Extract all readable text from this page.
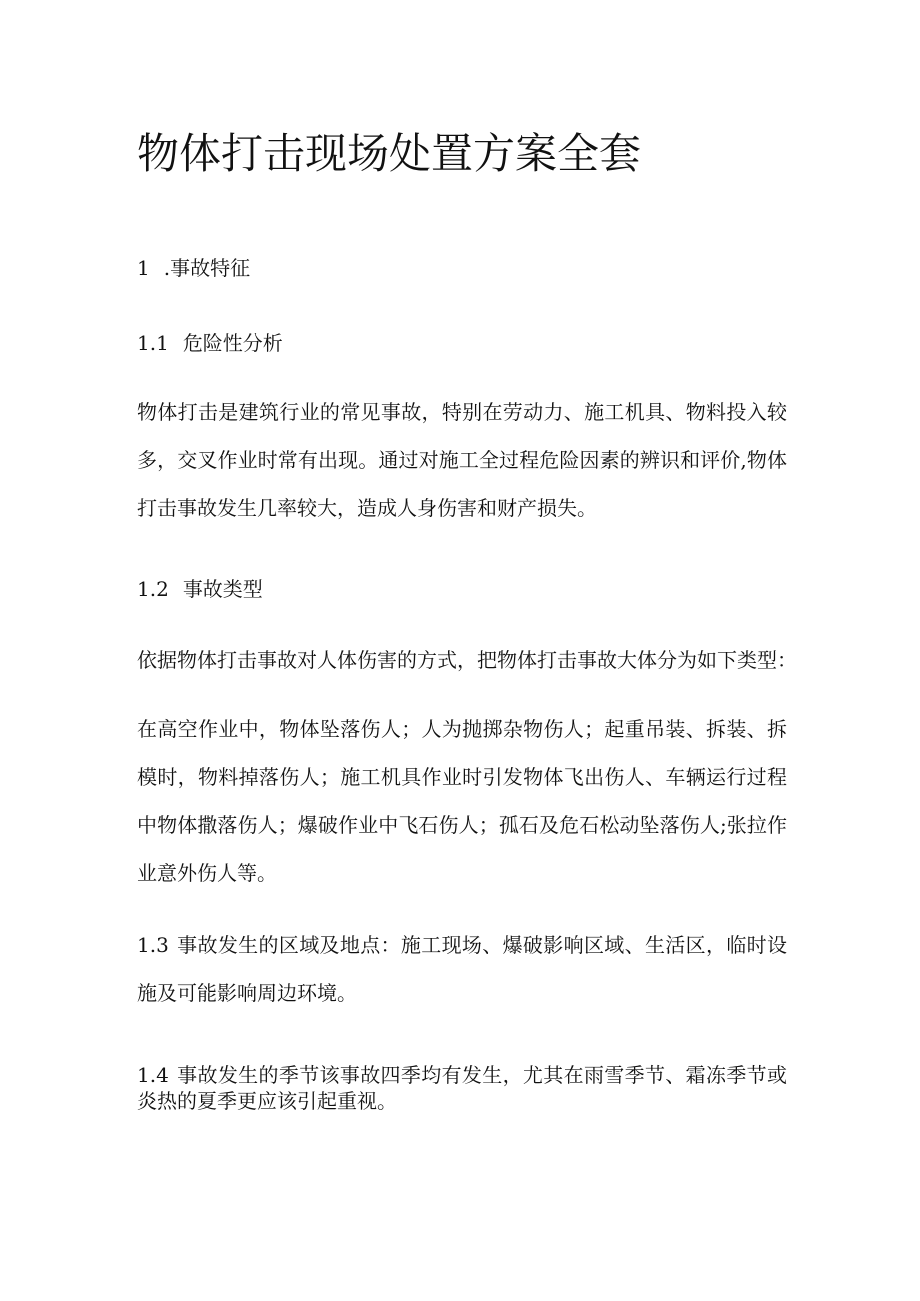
物体打击现场处置方案全套
1 .事故特征
1.1 危险性分析

物体打击是建筑行业的常见事故，特别在劳动力、施工机具、物料投入较多，交叉作业时常有出现。通过对施工全过程危险因素的辨识和评价,物体打击事故发生几率较大，造成人身伤害和财产损失。

1.2 事故类型

依据物体打击事故对人体伤害的方式，把物体打击事故大体分为如下类型：

在高空作业中，物体坠落伤人；人为抛掷杂物伤人；起重吊装、拆装、拆模时，物料掉落伤人；施工机具作业时引发物体飞出伤人、车辆运行过程中物体撒落伤人；爆破作业中飞石伤人；孤石及危石松动坠落伤人;张拉作业意外伤人等。

1.3 事故发生的区域及地点：施工现场、爆破影响区域、生活区，临时设施及可能影响周边环境。

1.4 事故发生的季节该事故四季均有发生，尤其在雨雪季节、霜冻季节或炎热的夏季更应该引起重视。
